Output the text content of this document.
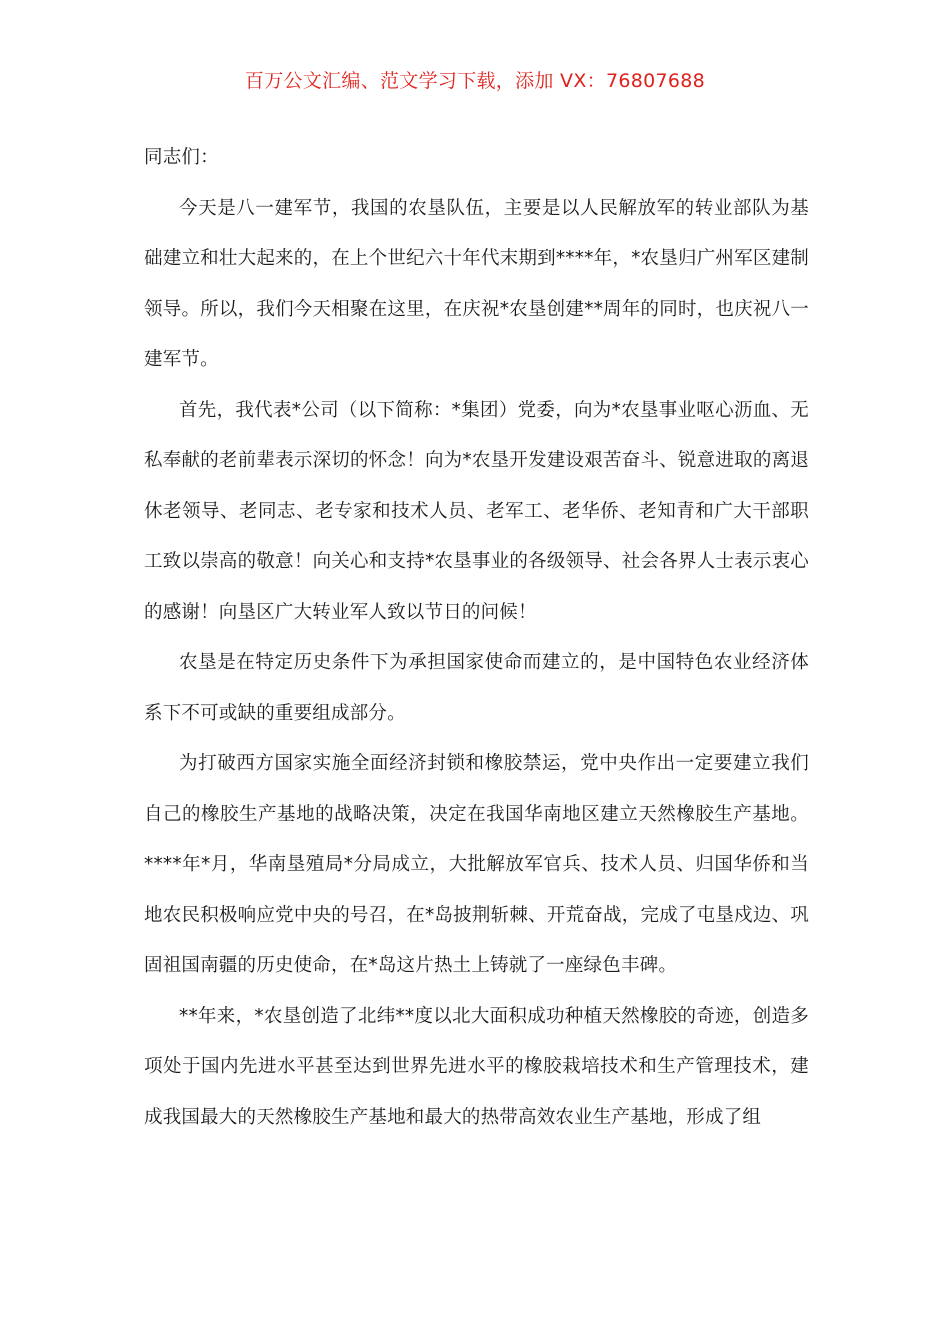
百万公文汇编、范文学习下载，添加 VX：76807688

同志们：

今天是八一建军节，我国的农垦队伍，主要是以人民解放军的转业部队为基础建立和壮大起来的，在上个世纪六十年代末期到****年，*农垦归广州军区建制领导。所以，我们今天相聚在这里，在庆祝*农垦创建**周年的同时，也庆祝八一建军节。

首先，我代表*公司（以下简称：*集团）党委，向为*农垦事业呕心沥血、无私奉献的老前辈表示深切的怀念！向为*农垦开发建设艰苦奋斗、锐意进取的离退休老领导、老同志、老专家和技术人员、老军工、老华侨、老知青和广大干部职工致以崇高的敬意！向关心和支持*农垦事业的各级领导、社会各界人士表示衷心的感谢！向垦区广大转业军人致以节日的问候！

农垦是在特定历史条件下为承担国家使命而建立的，是中国特色农业经济体系下不可或缺的重要组成部分。

为打破西方国家实施全面经济封锁和橡胶禁运，党中央作出一定要建立我们自己的橡胶生产基地的战略决策，决定在我国华南地区建立天然橡胶生产基地。****年*月，华南垦殖局*分局成立，大批解放军官兵、技术人员、归国华侨和当地农民积极响应党中央的号召，在*岛披荆斩棘、开荒奋战，完成了屯垦戍边、巩固祖国南疆的历史使命，在*岛这片热土上铸就了一座绿色丰碑。

**年来，*农垦创造了北纬**度以北大面积成功种植天然橡胶的奇迹，创造多项处于国内先进水平甚至达到世界先进水平的橡胶栽培技术和生产管理技术，建成我国最大的天然橡胶生产基地和最大的热带高效农业生产基地，形成了组
